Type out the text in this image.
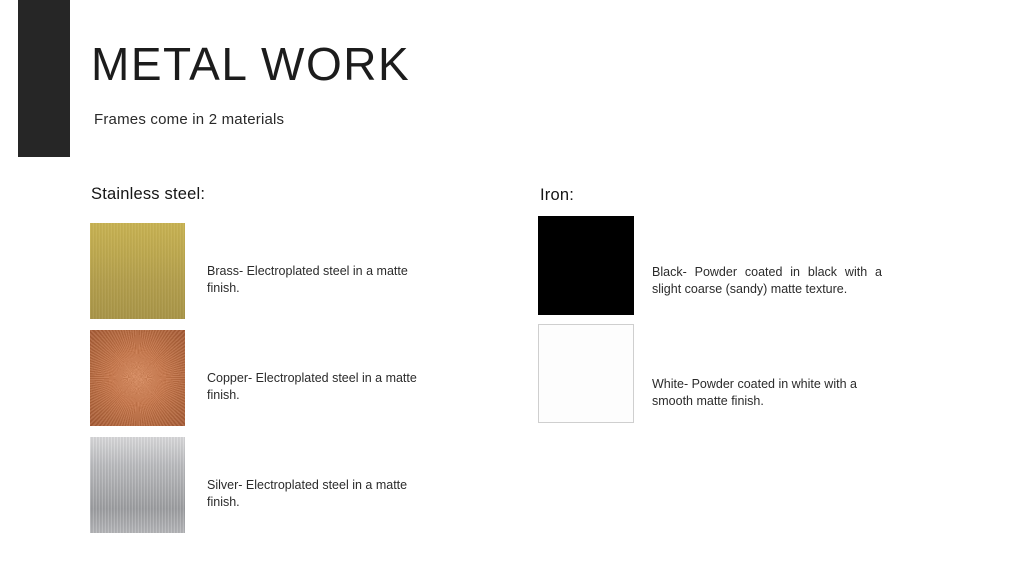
METAL WORK
Frames come in 2 materials
Stainless steel:
Brass- Electroplated steel in a matte finish.
Copper- Electroplated steel in a matte finish.
Silver- Electroplated steel in a matte finish.
Iron:
Black- Powder coated in black with a slight coarse (sandy) matte texture.
White- Powder coated in white with a smooth matte finish.
